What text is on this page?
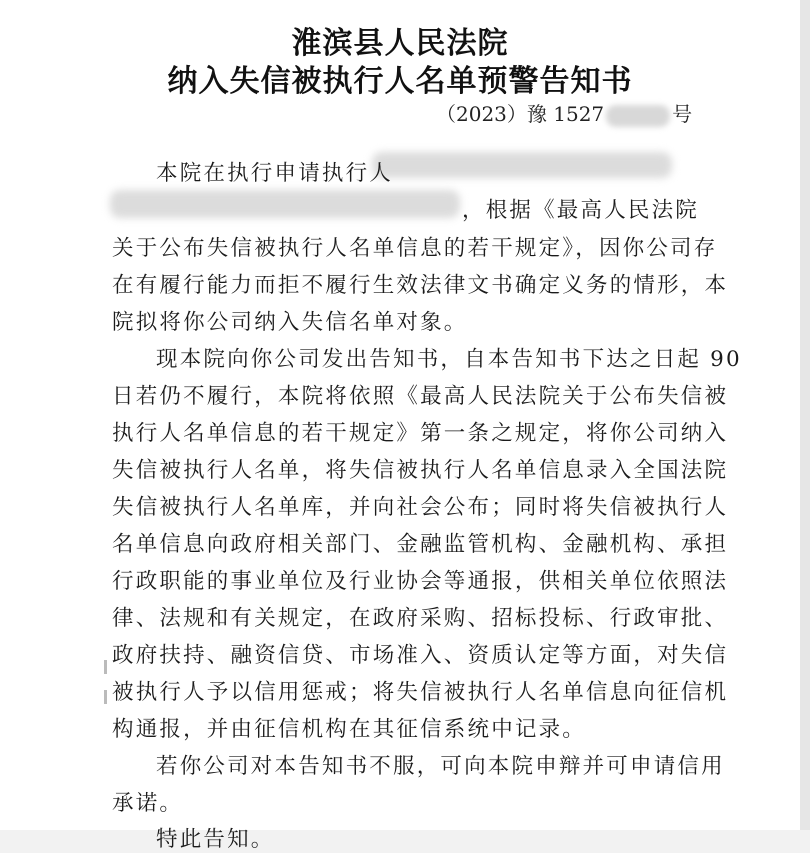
淮滨县人民法院
纳入失信被执行人名单预警告知书
（2023）豫 1527	号
本院在执行申请执行人
，根据《最高人民法院
关于公布失信被执行人名单信息的若干规定》，因你公司存
在有履行能力而拒不履行生效法律文书确定义务的情形，本
院拟将你公司纳入失信名单对象。
现本院向你公司发出告知书，自本告知书下达之日起 90
日若仍不履行，本院将依照《最高人民法院关于公布失信被
执行人名单信息的若干规定》第一条之规定，将你公司纳入
失信被执行人名单，将失信被执行人名单信息录入全国法院
失信被执行人名单库，并向社会公布；同时将失信被执行人
名单信息向政府相关部门、金融监管机构、金融机构、承担
行政职能的事业单位及行业协会等通报，供相关单位依照法
律、法规和有关规定，在政府采购、招标投标、行政审批、
政府扶持、融资信贷、市场准入、资质认定等方面，对失信
被执行人予以信用惩戒；将失信被执行人名单信息向征信机
构通报，并由征信机构在其征信系统中记录。
若你公司对本告知书不服，可向本院申辩并可申请信用
承诺。
特此告知。
